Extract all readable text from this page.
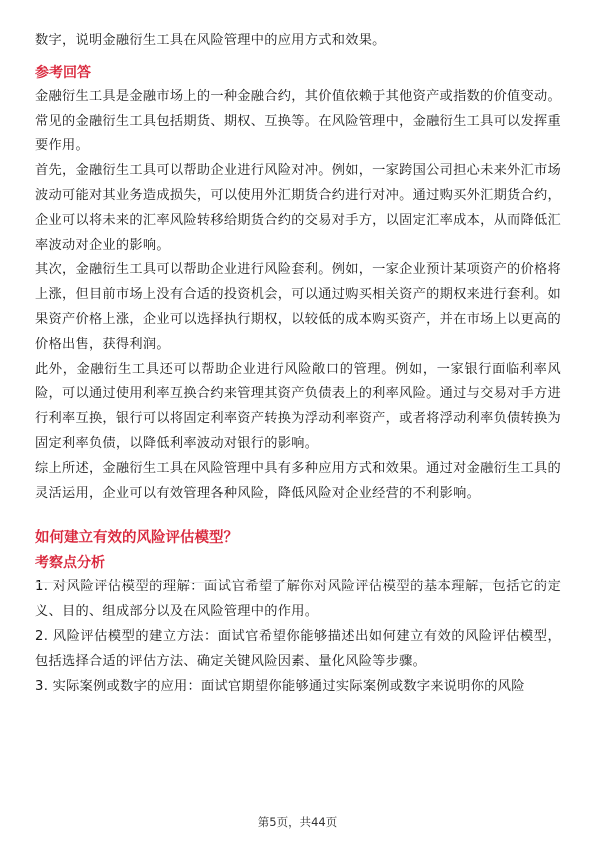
数字，说明金融衍生工具在风险管理中的应用方式和效果。

参考回答

金融衍生工具是金融市场上的一种金融合约，其价值依赖于其他资产或指数的价值变动。常见的金融衍生工具包括期货、期权、互换等。在风险管理中，金融衍生工具可以发挥重要作用。

首先，金融衍生工具可以帮助企业进行风险对冲。例如，一家跨国公司担心未来外汇市场波动可能对其业务造成损失，可以使用外汇期货合约进行对冲。通过购买外汇期货合约，企业可以将未来的汇率风险转移给期货合约的交易对手方，以固定汇率成本，从而降低汇率波动对企业的影响。

其次，金融衍生工具可以帮助企业进行风险套利。例如，一家企业预计某项资产的价格将上涨，但目前市场上没有合适的投资机会，可以通过购买相关资产的期权来进行套利。如果资产价格上涨，企业可以选择执行期权，以较低的成本购买资产，并在市场上以更高的价格出售，获得利润。

此外，金融衍生工具还可以帮助企业进行风险敞口的管理。例如，一家银行面临利率风险，可以通过使用利率互换合约来管理其资产负债表上的利率风险。通过与交易对手方进行利率互换，银行可以将固定利率资产转换为浮动利率资产，或者将浮动利率负债转换为固定利率负债，以降低利率波动对银行的影响。

综上所述，金融衍生工具在风险管理中具有多种应用方式和效果。通过对金融衍生工具的灵活运用，企业可以有效管理各种风险，降低风险对企业经营的不利影响。

如何建立有效的风险评估模型？
考察点分析

1. 对风险评估模型的理解：面试官希望了解你对风险评估模型的基本理解，包括它的定义、目的、组成部分以及在风险管理中的作用。

2. 风险评估模型的建立方法：面试官希望你能够描述出如何建立有效的风险评估模型，包括选择合适的评估方法、确定关键风险因素、量化风险等步骤。

3. 实际案例或数字的应用：面试官期望你能够通过实际案例或数字来说明你的风险

第5页，共44页
